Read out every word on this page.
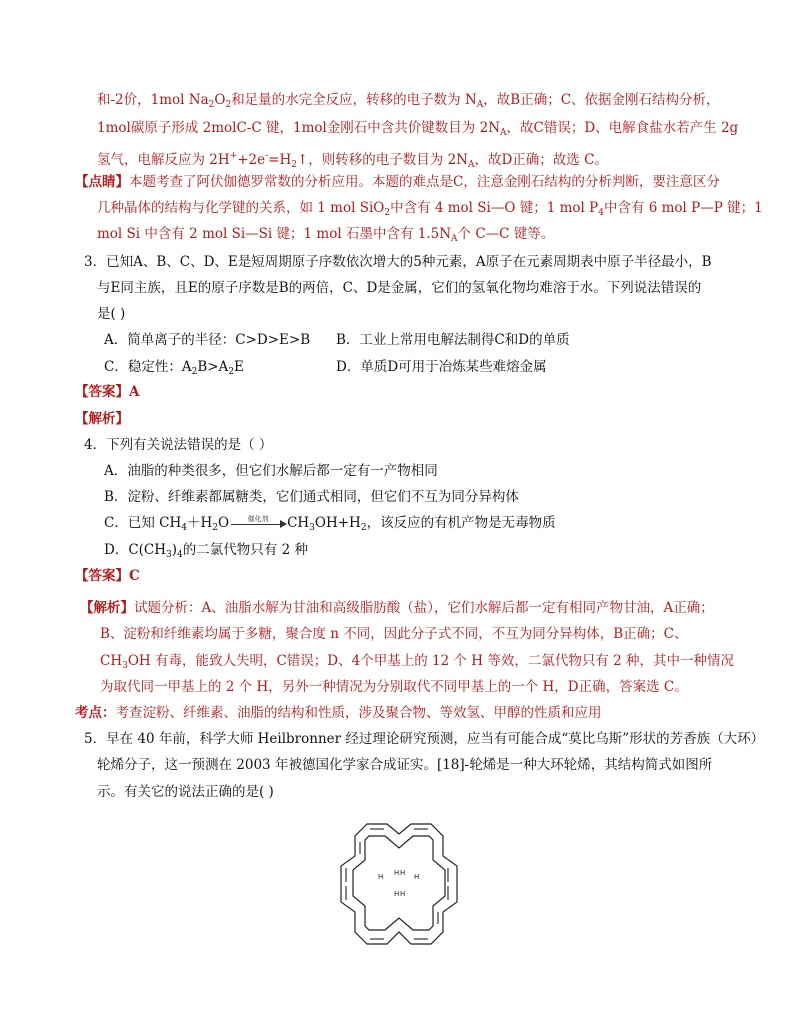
和-2价，1mol $Na_2O_2$和足量的水完全反应，转移的电子数为 $N_A$，故B正确；C、依据金刚石结构分析，
1mol碳原子形成 2molC-C 键，1mol金刚石中含共价键数目为 $2N_A$，故C错误；D、电解食盐水若产生 2g
氢气，电解反应为 $2H^++2e^-=H_2↑$，则转移的电子数目为 $2N_A$，故D正确；故选 C。
【点睛】本题考查了阿伏伽德罗常数的分析应用。本题的难点是C，注意金刚石结构的分析判断，要注意区分
几种晶体的结构与化学键的关系，如 1 mol SiO$_2$中含有 4 mol Si—O 键；1 mol $P_4$中含有 6 mol P—P 键；1
mol Si 中含有 2 mol Si—Si 键；1 mol 石墨中含有 $1.5N_A$个 C—C 键等。
3．已知A、B、C、D、E是短周期原子序数依次增大的5种元素，A原子在元素周期表中原子半径最小，B
与E同主族，且E的原子序数是B的两倍，C、D是金属，它们的氢氧化物均难溶于水。下列说法错误的
是( )
A．简单离子的半径：C>D>E>B B．工业上常用电解法制得C和D的单质
C．稳定性：$A_2B>A_2E$	D．单质D可用于冶炼某些难熔金属
【答案】A
【解析】
4．下列有关说法错误的是（ ）
A．油脂的种类很多，但它们水解后都一定有一产物相同
B．淀粉、纤维素都属糖类，它们通式相同，但它们不互为同分异构体
C．已知 $CH_4+H_2O$	催化剂	$CH_3OH+H_2$，该反应的有机产物是无毒物质
D．$C(CH_3)_4$的二氯代物只有 2 种
【答案】C
【解析】试题分析：A、油脂水解为甘油和高级脂肪酸（盐），它们水解后都一定有相同产物甘油，A正确；
B、淀粉和纤维素均属于多糖，聚合度 n 不同，因此分子式不同，不互为同分异构体，B正确；C、
$CH_3OH$ 有毒，能致人失明，C错误；D、4个甲基上的 12 个 H 等效，二氯代物只有 2 种，其中一种情况
为取代同一甲基上的 2 个 H，另外一种情况为分别取代不同甲基上的一个 H，D正确，答案选 C。
考点：考查淀粉、纤维素、油脂的结构和性质，涉及聚合物、等效氢、甲醇的性质和应用
5．早在 40 年前，科学大师 Heilbronner 经过理论研究预测，应当有可能合成“莫比乌斯”形状的芳香族（大环）
轮烯分子，这一预测在 2003 年被德国化学家合成证实。[18]-轮烯是一种大环轮烯，其结构简式如图所
示。有关它的说法正确的是( )
H H H H
H H
